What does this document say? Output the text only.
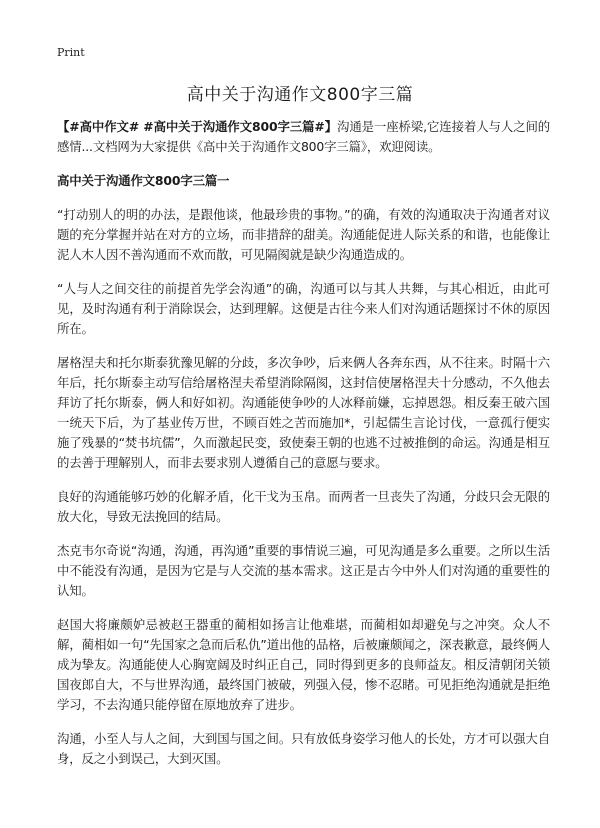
Print
高中关于沟通作文800字三篇

【#高中作文# #高中关于沟通作文800字三篇#】沟通是一座桥梁,它连接着人与人之间的感情...文档网为大家提供《高中关于沟通作文800字三篇》，欢迎阅读。

高中关于沟通作文800字三篇一

“打动别人的明的办法，是跟他谈，他最珍贵的事物。”的确，有效的沟通取决于沟通者对议题的充分掌握并站在对方的立场，而非措辞的甜美。沟通能促进人际关系的和谐，也能像让泥人木人因不善沟通而不欢而散，可见隔阂就是缺少沟通造成的。

“人与人之间交往的前提首先学会沟通”的确，沟通可以与其人共舞，与其心相近，由此可见，及时沟通有利于消除误会，达到理解。这便是古往今来人们对沟通话题探讨不休的原因所在。

屠格涅夫和托尔斯泰犹豫见解的分歧，多次争吵，后来俩人各奔东西，从不往来。时隔十六年后，托尔斯泰主动写信给屠格涅夫希望消除隔阂，这封信使屠格涅夫十分感动，不久他去拜访了托尔斯泰，俩人和好如初。沟通能使争吵的人冰释前嫌，忘掉恩怨。相反秦王破六国一统天下后，为了基业传万世，不顾百姓之苦而施加*，引起儒生言论讨伐，一意孤行便实施了残暴的“焚书坑儒”，久而激起民变，致使秦王朝的也逃不过被推倒的命运。沟通是相互的去善于理解别人，而非去要求别人遵循自己的意愿与要求。

良好的沟通能够巧妙的化解矛盾，化干戈为玉帛。而两者一旦丧失了沟通，分歧只会无限的放大化，导致无法挽回的结局。

杰克韦尔奇说“沟通，沟通，再沟通”重要的事情说三遍，可见沟通是多么重要。之所以生活中不能没有沟通，是因为它是与人交流的基本需求。这正是古今中外人们对沟通的重要性的认知。

赵国大将廉颇妒忌被赵王器重的蔺相如扬言让他难堪，而蔺相如却避免与之冲突。众人不解，蔺相如一句“先国家之急而后私仇”道出他的品格，后被廉颇闻之，深表歉意，最终俩人成为挚友。沟通能使人心胸宽阔及时纠正自己，同时得到更多的良师益友。相反清朝闭关锁国夜郎自大，不与世界沟通，最终国门被破，列强入侵，惨不忍睹。可见拒绝沟通就是拒绝学习，不去沟通只能停留在原地放弃了进步。

沟通，小至人与人之间，大到国与国之间。只有放低身姿学习他人的长处，方才可以强大自身，反之小到误己，大到灭国。
